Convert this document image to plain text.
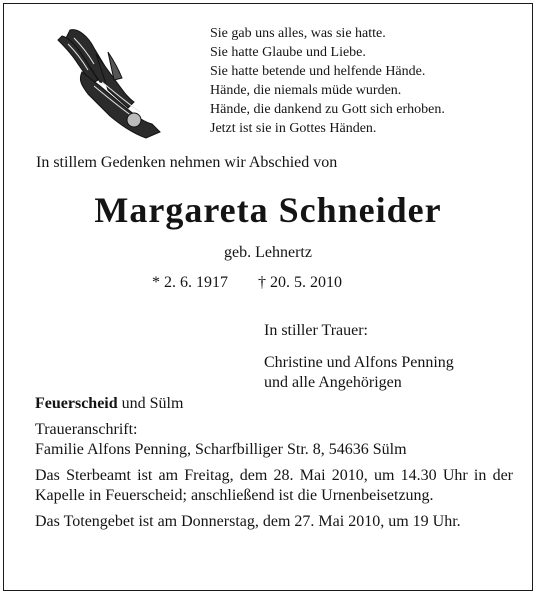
Sie gab uns alles, was sie hatte.
Sie hatte Glaube und Liebe.
Sie hatte betende und helfende Hände.
Hände, die niemals müde wurden.
Hände, die dankend zu Gott sich erhoben.
Jetzt ist sie in Gottes Händen.
In stillem Gedenken nehmen wir Abschied von
Margareta Schneider
geb. Lehnertz
* 2. 6. 1917 † 20. 5. 2010
In stiller Trauer:
Christine und Alfons Penning
und alle Angehörigen
Feuerscheid und Sülm
Traueranschrift:
Familie Alfons Penning, Scharfbilliger Str. 8, 54636 Sülm
Das Sterbeamt ist am Freitag, dem 28. Mai 2010, um 14.30 Uhr in der Kapelle in Feuerscheid; anschließend ist die Urnenbeisetzung.
Das Totengebet ist am Donnerstag, dem 27. Mai 2010, um 19 Uhr.
